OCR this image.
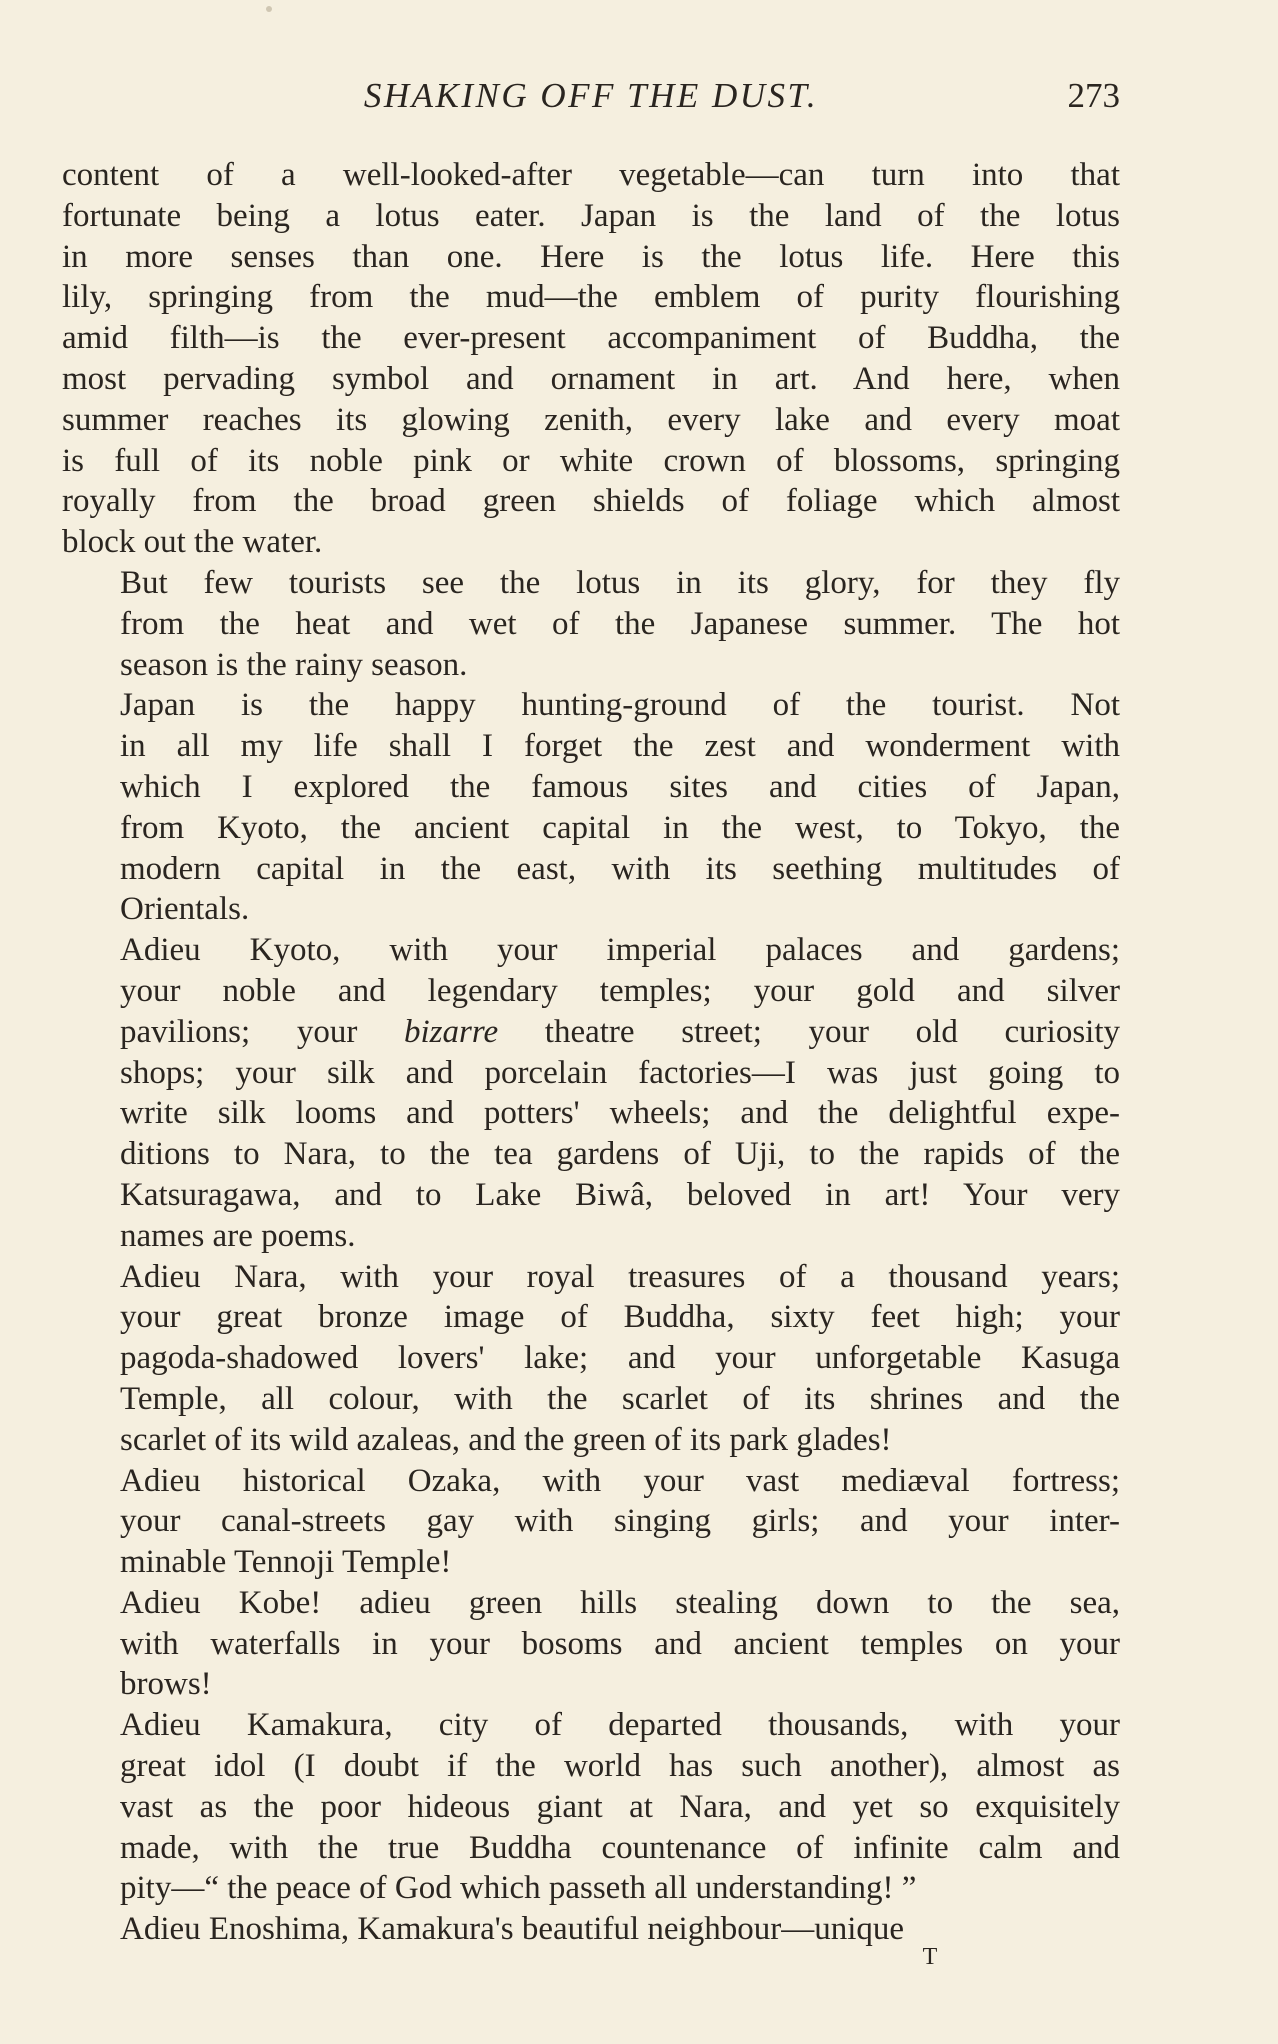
SHAKING OFF THE DUST.	273

content of a well-looked-after vegetable—can turn into that
fortunate being a lotus eater. Japan is the land of the lotus
in more senses than one. Here is the lotus life. Here this
lily, springing from the mud—the emblem of purity flourishing
amid filth—is the ever-present accompaniment of Buddha, the
most pervading symbol and ornament in art. And here, when
summer reaches its glowing zenith, every lake and every moat
is full of its noble pink or white crown of blossoms, springing
royally from the broad green shields of foliage which almost
block out the water.

But few tourists see the lotus in its glory, for they fly
from the heat and wet of the Japanese summer. The hot
season is the rainy season.

Japan is the happy hunting-ground of the tourist. Not
in all my life shall I forget the zest and wonderment with
which I explored the famous sites and cities of Japan,
from Kyoto, the ancient capital in the west, to Tokyo, the
modern capital in the east, with its seething multitudes of
Orientals.

Adieu Kyoto, with your imperial palaces and gardens;
your noble and legendary temples; your gold and silver
pavilions; your bizarre theatre street; your old curiosity
shops; your silk and porcelain factories—I was just going to
write silk looms and potters' wheels; and the delightful expe-
ditions to Nara, to the tea gardens of Uji, to the rapids of the
Katsuragawa, and to Lake Biwâ, beloved in art! Your very
names are poems.

Adieu Nara, with your royal treasures of a thousand years;
your great bronze image of Buddha, sixty feet high; your
pagoda-shadowed lovers' lake; and your unforgetable Kasuga
Temple, all colour, with the scarlet of its shrines and the
scarlet of its wild azaleas, and the green of its park glades!

Adieu historical Ozaka, with your vast mediæval fortress;
your canal-streets gay with singing girls; and your inter-
minable Tennoji Temple!

Adieu Kobe! adieu green hills stealing down to the sea,
with waterfalls in your bosoms and ancient temples on your
brows!

Adieu Kamakura, city of departed thousands, with your
great idol (I doubt if the world has such another), almost as
vast as the poor hideous giant at Nara, and yet so exquisitely
made, with the true Buddha countenance of infinite calm and
pity—“ the peace of God which passeth all understanding! ”

Adieu Enoshima, Kamakura's beautiful neighbour—unique

T
